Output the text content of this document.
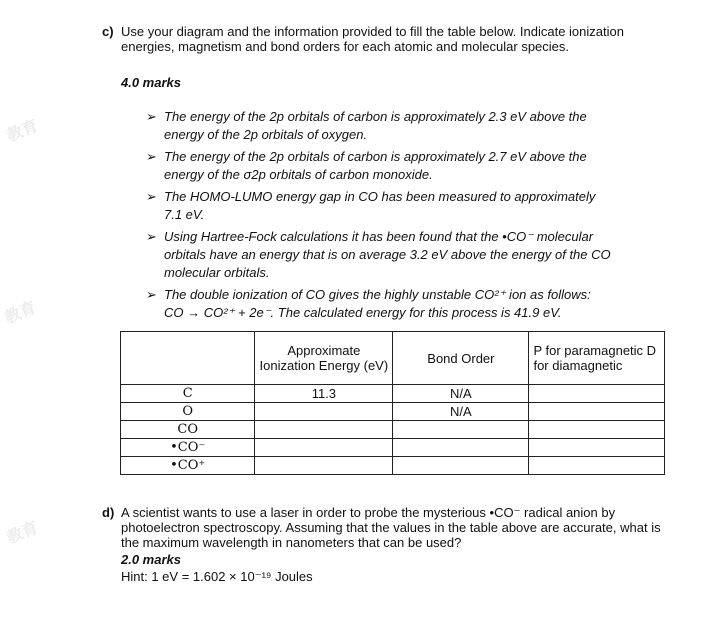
教育
教育
教育
c) Use your diagram and the information provided to fill the table below. Indicate ionization energies, magnetism and bond orders for each atomic and molecular species.
4.0 marks
➢ The energy of the 2p orbitals of carbon is approximately 2.3 eV above the
energy of the 2p orbitals of oxygen.
➢ The energy of the 2p orbitals of carbon is approximately 2.7 eV above the
energy of the σ2p orbitals of carbon monoxide.
➢ The HOMO-LUMO energy gap in CO has been measured to approximately
7.1 eV.
➢ Using Hartree-Fock calculations it has been found that the •CO⁻ molecular
orbitals have an energy that is on average 3.2 eV above the energy of the CO
molecular orbitals.
➢ The double ionization of CO gives the highly unstable CO²⁺ ion as follows:
CO → CO²⁺ + 2e⁻. The calculated energy for this process is 41.9 eV.
	Approximate Ionization Energy (eV)	Bond Order	P for paramagnetic D for diamagnetic
C	11.3	N/A	
O		N/A	
CO			
•CO⁻			
•CO⁺			
d) A scientist wants to use a laser in order to probe the mysterious •CO⁻ radical anion by photoelectron spectroscopy. Assuming that the values in the table above are accurate, what is the maximum wavelength in nanometers that can be used?
2.0 marks
Hint: 1 eV = 1.602 × 10⁻¹⁹ Joules
